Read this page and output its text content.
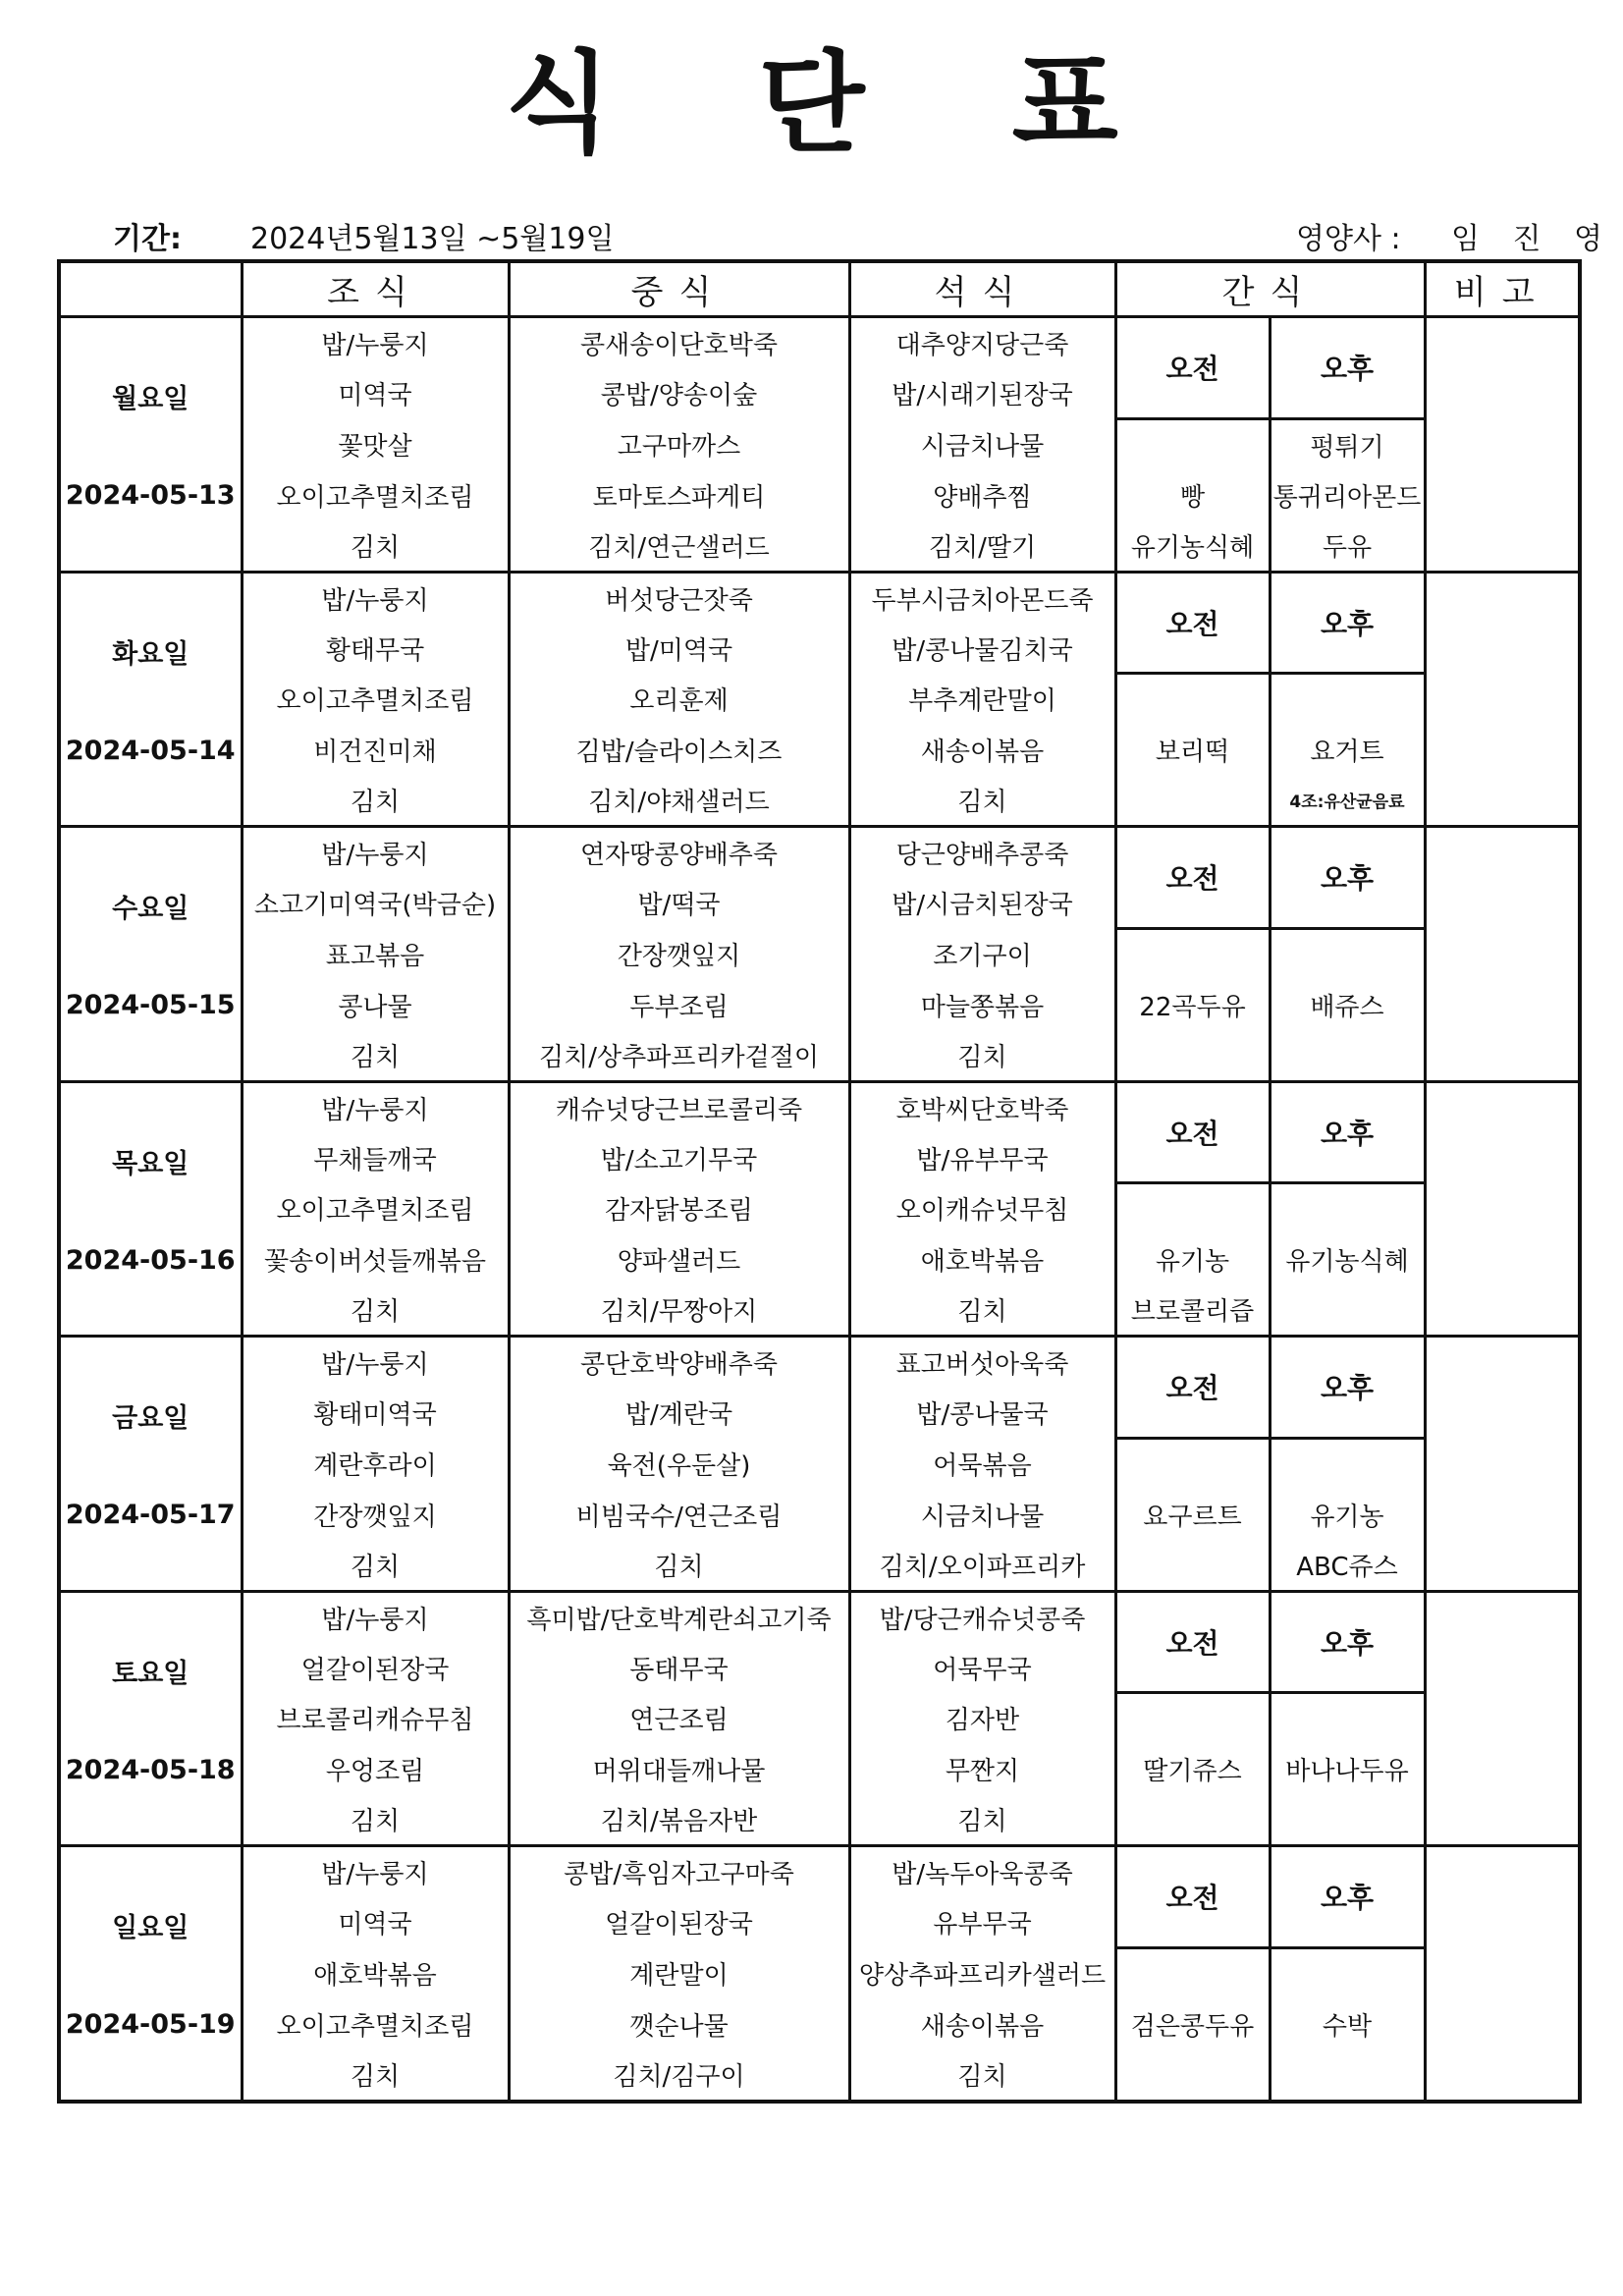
식단표
기간: 2024년5월13일 ~5월19일	영양사 : 임 진 영
	조식	중식	석식	간식		비고

월요일
2024-05-13	밥/누룽지	콩새송이단호박죽	대추양지당근죽	오전	오후	
	미역국	콩밥/양송이숲	밥/시래기된장국			
	꽃맛살	고구마까스	시금치나물		펑튀기	
	오이고추멸치조림	토마토스파게티	양배추찜	빵	통귀리아몬드	
	김치	김치/연근샐러드	김치/딸기	유기농식혜	두유	

화요일
2024-05-14	밥/누룽지	버섯당근잣죽	두부시금치아몬드죽	오전	오후	
	황태무국	밥/미역국	밥/콩나물김치국			
	오이고추멸치조림	오리훈제	부추계란말이			
	비건진미채	김밥/슬라이스치즈	새송이볶음	보리떡	요거트	
	김치	김치/야채샐러드	김치		4조:유산균음료	

수요일
2024-05-15	밥/누룽지	연자땅콩양배추죽	당근양배추콩죽	오전	오후	
	소고기미역국(박금순)	밥/떡국	밥/시금치된장국			
	표고볶음	간장깻잎지	조기구이			
	콩나물	두부조림	마늘쫑볶음	22곡두유	배쥬스	
	김치	김치/상추파프리카겉절이	김치			

목요일
2024-05-16	밥/누룽지	캐슈넛당근브로콜리죽	호박씨단호박죽	오전	오후	
	무채들깨국	밥/소고기무국	밥/유부무국			
	오이고추멸치조림	감자닭봉조림	오이캐슈넛무침			
	꽃송이버섯들깨볶음	양파샐러드	애호박볶음	유기농	유기농식혜	
	김치	김치/무짱아지	김치	브로콜리즙		

금요일
2024-05-17	밥/누룽지	콩단호박양배추죽	표고버섯아욱죽	오전	오후	
	황태미역국	밥/계란국	밥/콩나물국			
	계란후라이	육전(우둔살)	어묵볶음			
	간장깻잎지	비빔국수/연근조림	시금치나물	요구르트	유기농	
	김치	김치	김치/오이파프리카		ABC쥬스	

토요일
2024-05-18	밥/누룽지	흑미밥/단호박계란쇠고기죽	밥/당근캐슈넛콩죽	오전	오후	
	얼갈이된장국	동태무국	어묵무국			
	브로콜리캐슈무침	연근조림	김자반			
	우엉조림	머위대들깨나물	무짠지	딸기쥬스	바나나두유	
	김치	김치/볶음자반	김치			

일요일
2024-05-19	밥/누룽지	콩밥/흑임자고구마죽	밥/녹두아욱콩죽	오전	오후	
	미역국	얼갈이된장국	유부무국			
	애호박볶음	계란말이	양상추파프리카샐러드			
	오이고추멸치조림	깻순나물	새송이볶음	검은콩두유	수박	
	김치	김치/김구이	김치			
